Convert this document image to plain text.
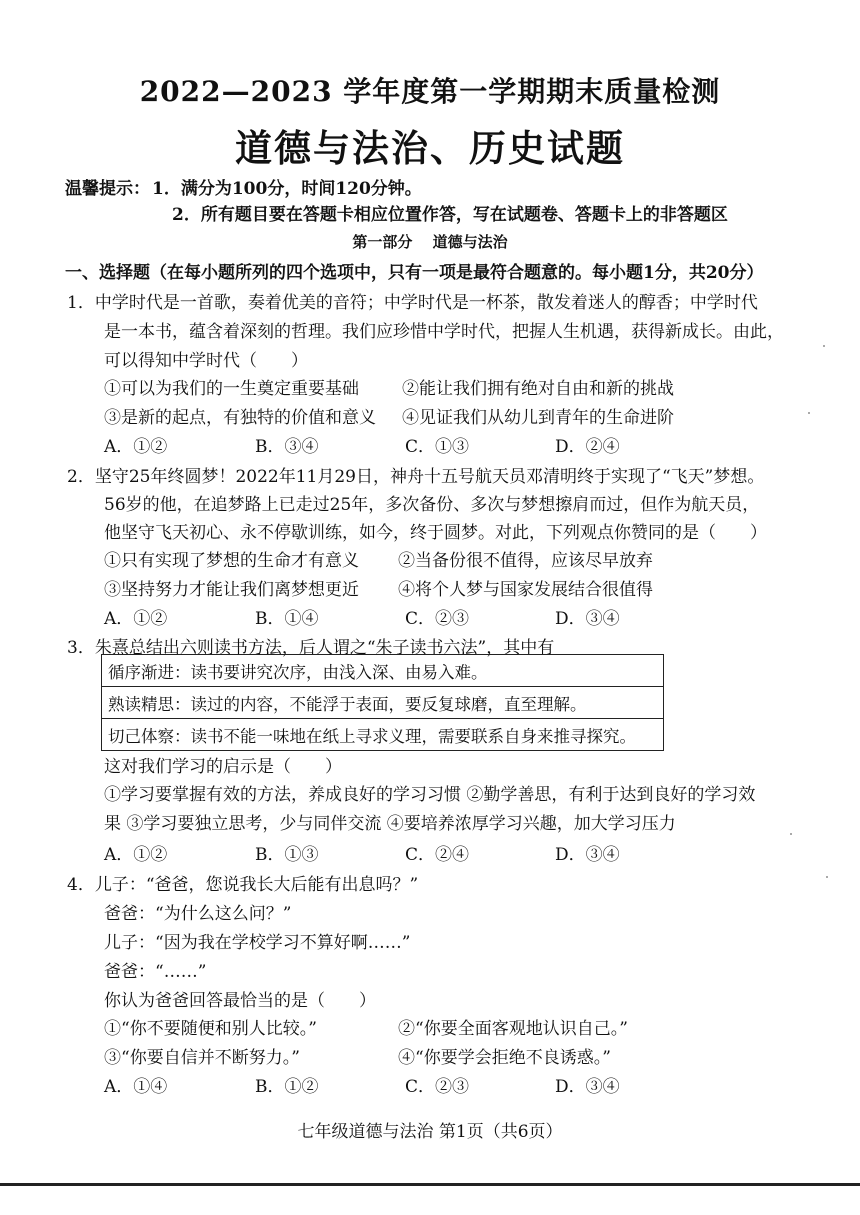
2022—2023 学年度第一学期期末质量检测
道德与法治、历史试题
温馨提示： 1．满分为100分，时间120分钟。
2．所有题目要在答题卡相应位置作答，写在试题卷、答题卡上的非答题区
第一部分　 道德与法治
一、选择题（在每小题所列的四个选项中，只有一项是最符合题意的。每小题1分，共20分）
1．中学时代是一首歌，奏着优美的音符；中学时代是一杯茶，散发着迷人的醇香；中学时代
是一本书，蕴含着深刻的哲理。我们应珍惜中学时代，把握人生机遇，获得新成长。由此，
可以得知中学时代（　　）
①可以为我们的一生奠定重要基础	②能让我们拥有绝对自由和新的挑战
③是新的起点，有独特的价值和意义 ④见证我们从幼儿到青年的生命进阶
A．①②	B．③④	C．①③	D．②④
2．坚守25年终圆梦！2022年11月29日，神舟十五号航天员邓清明终于实现了“飞天”梦想。
56岁的他，在追梦路上已走过25年，多次备份、多次与梦想擦肩而过，但作为航天员，
他坚守飞天初心、永不停歇训练，如今，终于圆梦。对此，下列观点你赞同的是（　　）
①只有实现了梦想的生命才有意义 ②当备份很不值得，应该尽早放弃
③坚持努力才能让我们离梦想更近 ④将个人梦与国家发展结合很值得
A．①②	B．①④	C．②③	D．③④
3．朱熹总结出六则读书方法，后人谓之“朱子读书六法”，其中有
循序渐进：读书要讲究次序，由浅入深、由易入难。
熟读精思：读过的内容，不能浮于表面，要反复球磨，直至理解。
切己体察：读书不能一味地在纸上寻求义理，需要联系自身来推寻探究。
这对我们学习的启示是（　　）
①学习要掌握有效的方法，养成良好的学习习惯 ②勤学善思，有利于达到良好的学习效
果 ③学习要独立思考，少与同伴交流 ④要培养浓厚学习兴趣，加大学习压力
A．①②	B．①③	C．②④	D．③④
4．儿子：“爸爸，您说我长大后能有出息吗？”
爸爸：“为什么这么问？”
儿子：“因为我在学校学习不算好啊……”
爸爸：“……”
你认为爸爸回答最恰当的是（　　）
①“你不要随便和别人比较。”	②“你要全面客观地认识自己。”
③“你要自信并不断努力。”	④“你要学会拒绝不良诱惑。”
A．①④	B．①②	C．②③	D．③④
七年级道德与法治 第1页（共6页）
